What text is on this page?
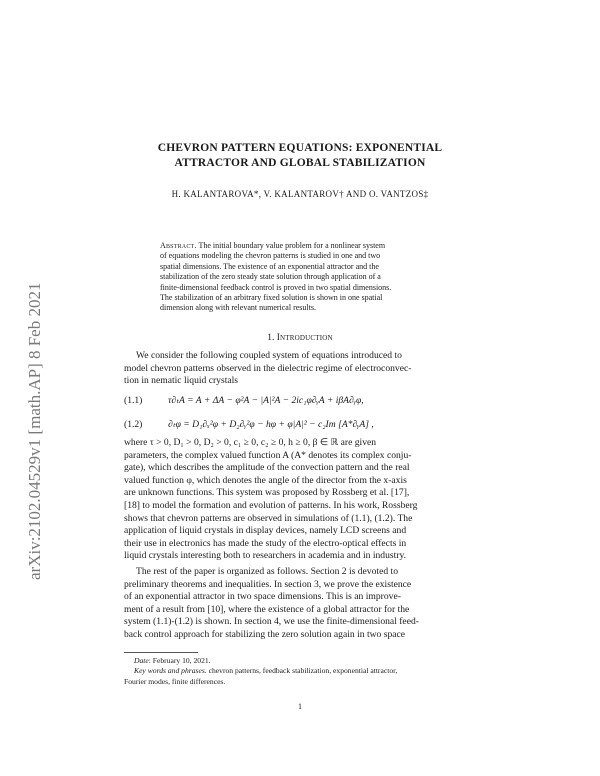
arXiv:2102.04529v1 [math.AP] 8 Feb 2021
CHEVRON PATTERN EQUATIONS: EXPONENTIAL
ATTRACTOR AND GLOBAL STABILIZATION
H. KALANTAROVA*, V. KALANTAROV† AND O. VANTZOS‡
Abstract. The initial boundary value problem for a nonlinear system
of equations modeling the chevron patterns is studied in one and two
spatial dimensions. The existence of an exponential attractor and the
stabilization of the zero steady state solution through application of a
finite-dimensional feedback control is proved in two spatial dimensions.
The stabilization of an arbitrary fixed solution is shown in one spatial
dimension along with relevant numerical results.
1. Introduction
We consider the following coupled system of equations introduced to
model chevron patterns observed in the dielectric regime of electroconvec-
tion in nematic liquid crystals
(1.1)	τ∂ₜA = A + ΔA − φ²A − |A|²A − 2ic₁φ∂ᵧA + iβA∂ᵧφ,
(1.2)	∂ₜφ = D₁∂ₓ²φ + D₂∂ᵧ²φ − hφ + φ|A|² − c₂Im [A*∂ᵧA] ,
where τ > 0, D₁ > 0, D₂ > 0, c₁ ≥ 0, c₂ ≥ 0, h ≥ 0, β ∈ ℝ are given
parameters, the complex valued function A (A* denotes its complex conju-
gate), which describes the amplitude of the convection pattern and the real
valued function φ, which denotes the angle of the director from the x-axis
are unknown functions. This system was proposed by Rossberg et al. [17],
[18] to model the formation and evolution of patterns. In his work, Rossberg
shows that chevron patterns are observed in simulations of (1.1), (1.2). The
application of liquid crystals in display devices, namely LCD screens and
their use in electronics has made the study of the electro-optical effects in
liquid crystals interesting both to researchers in academia and in industry.
The rest of the paper is organized as follows. Section 2 is devoted to
preliminary theorems and inequalities. In section 3, we prove the existence
of an exponential attractor in two space dimensions. This is an improve-
ment of a result from [10], where the existence of a global attractor for the
system (1.1)-(1.2) is shown. In section 4, we use the finite-dimensional feed-
back control approach for stabilizing the zero solution again in two space
Date: February 10, 2021.
Key words and phrases. chevron patterns, feedback stabilization, exponential attractor,
Fourier modes, finite differences.
1
